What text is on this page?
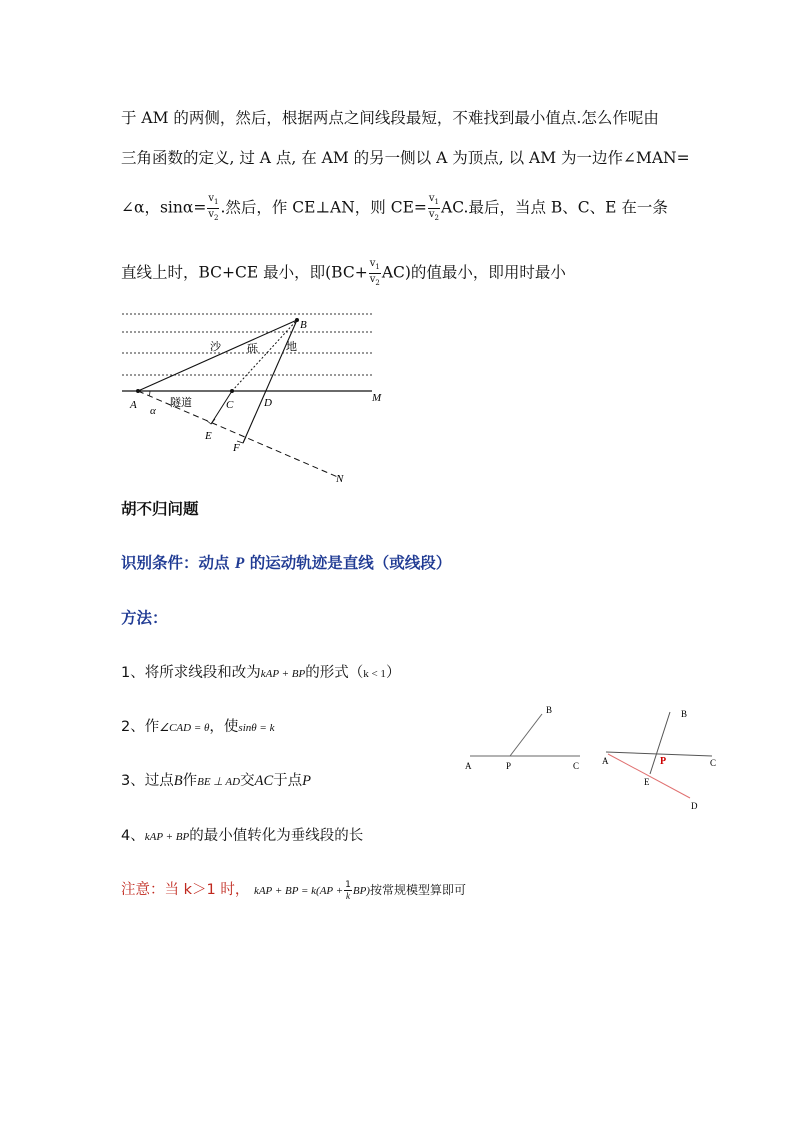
于 AM 的两侧，然后，根据两点之间线段最短，不难找到最小值点.怎么作呢由
三角函数的定义, 过 A 点, 在 AM 的另一侧以 A 为顶点, 以 AM 为一边作∠MAN=
∠α，$\sin\alpha= \frac{v_1}{v_2}$ .然后，作 CE⊥AN，则 $CE= \frac{v_1}{v_2}$ AC.最后，当点 B、C、E 在一条
直线上时，BC+CE 最小，即$(BC+ \frac{v_1}{v_2} AC)$的值最小，即用时最小
A
B
C	D
E
F
M
N
α
沙 砾	地
隧道
胡不归问题
识别条件：动点 P 的运动轨迹是直线（或线段）
方法：
1、将所求线段和改为kAP + BP的形式（k < 1）
2、作∠CAD = θ，使sinθ = k
3、过点B作BE ⊥ AD交AC于点P
4、kAP + BP的最小值转化为垂线段的长
注意：当 k＞1 时， kAP + BP = $k(AP + \frac{1}{k} BP)$按常规模型算即可
A	P	C
B
A	P	C
B
E
D
